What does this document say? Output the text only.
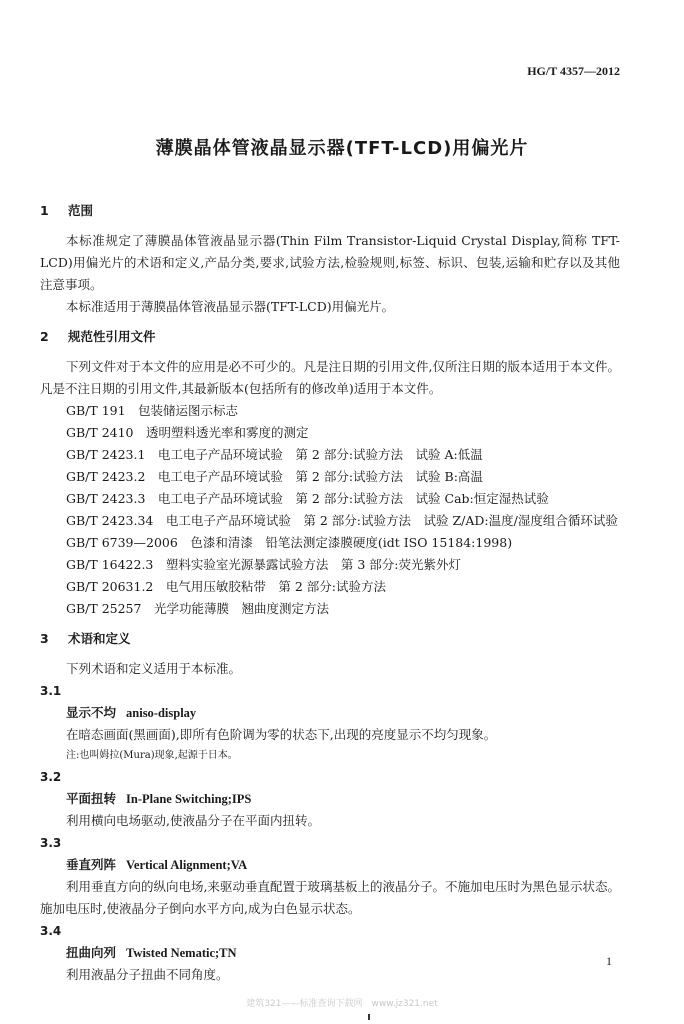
HG/T 4357—2012
薄膜晶体管液晶显示器(TFT-LCD)用偏光片
1 范围

本标准规定了薄膜晶体管液晶显示器(Thin Film Transistor-Liquid Crystal Display,简称 TFT-LCD)用偏光片的术语和定义,产品分类,要求,试验方法,检验规则,标签、标识、包装,运输和贮存以及其他注意事项。

本标准适用于薄膜晶体管液晶显示器(TFT-LCD)用偏光片。

2 规范性引用文件

下列文件对于本文件的应用是必不可少的。凡是注日期的引用文件,仅所注日期的版本适用于本文件。凡是不注日期的引用文件,其最新版本(包括所有的修改单)适用于本文件。

GB/T 191　包装储运图示标志

GB/T 2410　透明塑料透光率和雾度的测定

GB/T 2423.1　电工电子产品环境试验　第 2 部分:试验方法　试验 A:低温

GB/T 2423.2　电工电子产品环境试验　第 2 部分:试验方法　试验 B:高温

GB/T 2423.3　电工电子产品环境试验　第 2 部分:试验方法　试验 Cab:恒定湿热试验

GB/T 2423.34　电工电子产品环境试验　第 2 部分:试验方法　试验 Z/AD:温度/湿度组合循环试验

GB/T 6739—2006　色漆和清漆　铅笔法测定漆膜硬度(idt ISO 15184:1998)

GB/T 16422.3　塑料实验室光源暴露试验方法　第 3 部分:荧光紫外灯

GB/T 20631.2　电气用压敏胶粘带　第 2 部分:试验方法

GB/T 25257　光学功能薄膜　翘曲度测定方法

3 术语和定义

下列术语和定义适用于本标准。

3.1

显示不均 aniso-display

在暗态画面(黑画面),即所有色阶调为零的状态下,出现的亮度显示不均匀现象。

注:也叫姆拉(Mura)现象,起源于日本。

3.2

平面扭转 In-Plane Switching;IPS

利用横向电场驱动,使液晶分子在平面内扭转。

3.3

垂直列阵 Vertical Alignment;VA

利用垂直方向的纵向电场,来驱动垂直配置于玻璃基板上的液晶分子。不施加电压时为黑色显示状态。施加电压时,使液晶分子倒向水平方向,成为白色显示状态。

3.4

扭曲向列 Twisted Nematic;TN

利用液晶分子扭曲不同角度。

1
建筑321——标准查询下载网　www.jz321.net
